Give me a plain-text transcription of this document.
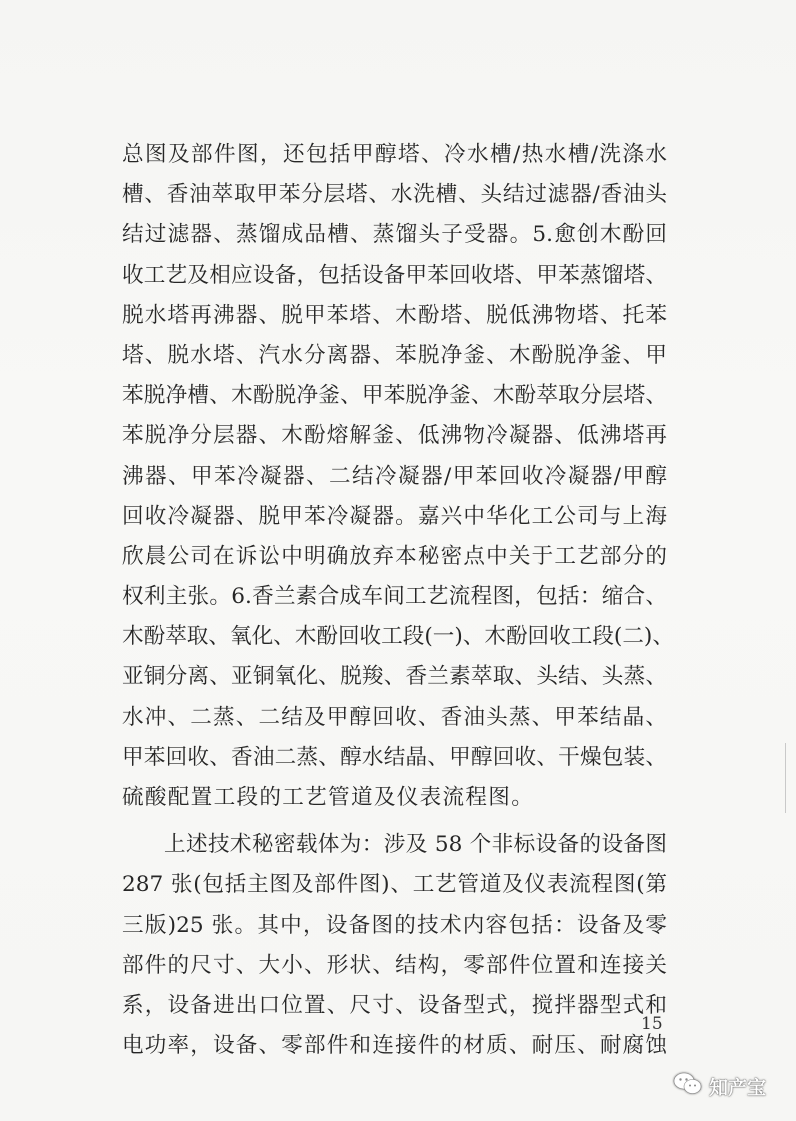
总图及部件图，还包括甲醇塔、冷水槽/热水槽/洗涤水
槽、香油萃取甲苯分层塔、水洗槽、头结过滤器/香油头
结过滤器、蒸馏成品槽、蒸馏头子受器。5.愈创木酚回
收工艺及相应设备，包括设备甲苯回收塔、甲苯蒸馏塔、
脱水塔再沸器、脱甲苯塔、木酚塔、脱低沸物塔、托苯
塔、脱水塔、汽水分离器、苯脱净釜、木酚脱净釜、甲
苯脱净槽、木酚脱净釜、甲苯脱净釜、木酚萃取分层塔、
苯脱净分层器、木酚熔解釜、低沸物冷凝器、低沸塔再
沸器、甲苯冷凝器、二结冷凝器/甲苯回收冷凝器/甲醇
回收冷凝器、脱甲苯冷凝器。嘉兴中华化工公司与上海
欣晨公司在诉讼中明确放弃本秘密点中关于工艺部分的
权利主张。6.香兰素合成车间工艺流程图，包括：缩合、
木酚萃取、氧化、木酚回收工段(一)、木酚回收工段(二)、
亚铜分离、亚铜氧化、脱羧、香兰素萃取、头结、头蒸、
水冲、二蒸、二结及甲醇回收、香油头蒸、甲苯结晶、
甲苯回收、香油二蒸、醇水结晶、甲醇回收、干燥包装、
硫酸配置工段的工艺管道及仪表流程图。
上述技术秘密载体为：涉及 58 个非标设备的设备图
287 张(包括主图及部件图)、工艺管道及仪表流程图(第
三版)25 张。其中，设备图的技术内容包括：设备及零
部件的尺寸、大小、形状、结构，零部件位置和连接关
系，设备进出口位置、尺寸、设备型式，搅拌器型式和
电功率，设备、零部件和连接件的材质、耐压、耐腐蚀
15
知产宝
